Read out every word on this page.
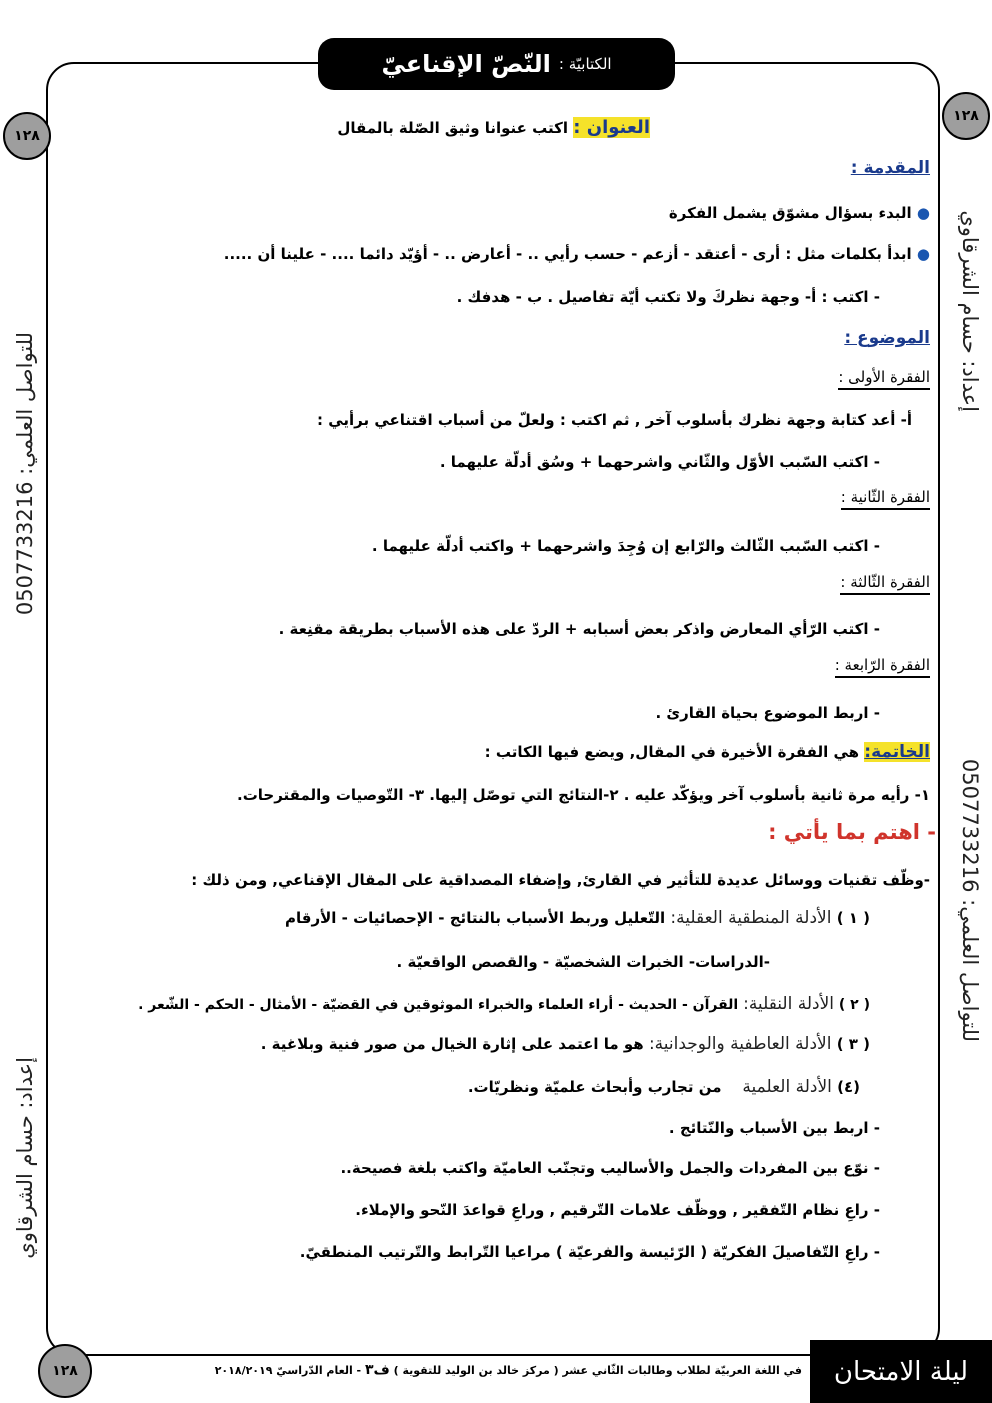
الكتابيّة :
النّصّ الإقناعيّ
١٢٨
١٢٨
١٢٨
إعداد: حسام الشرقاوي
للتواصل العلمي: 0507733216
للتواصل العلمي: 0507733216
إعداد: حسام الشرقاوي
العنوان : اكتب عنوانا وثيق الصّلة بالمقال
المقدمة :
● البدء بسؤال مشوّق يشمل الفكرة
● ابدأ بكلمات مثل : أرى - أعتقد - أزعم - حسب رأيي .. - أعارض .. - أؤيّد دائما .... - علينا أن .....
- اكتب : أ- وجهة نظركَ ولا تكتب أيّة تفاصيل . ب - هدفك .
الموضوع :
الفقرة الأولى :
أ- أعد كتابة وجهة نظرك بأسلوب آخر , ثم اكتب : ولعلّ من أسباب اقتناعي برأيي :
- اكتب السّبب الأوّل والثّاني واشرحهما + وسُق أدلّة عليهما .
الفقرة الثّانية :
- اكتب السّبب الثّالث والرّابع إن وُجِدَ واشرحهما + واكتب أدلّة عليهما .
الفقرة الثّالثة :
- اكتب الرّأي المعارض واذكر بعض أسبابه + الردّ على هذه الأسباب بطريقة مقنِعة .
الفقرة الرّابعة :
- اربط الموضوع بحياة القارئ .
الخاتمة: هي الفقرة الأخيرة في المقال, ويضع فيها الكاتب :
١- رأيه مرة ثانية بأسلوب آخر ويؤكّد عليه . ٢-النتائج التي توصّل إليها. ٣- التّوصيات والمقترحات.
- اهتم بما يأتي :
-وظّف تقنيات ووسائل عديدة للتأثير في القارئ, وإضفاء المصداقية على المقال الإقناعي, ومن ذلك :
( ١ ) الأدلة المنطقية العقلية: التّعليل وربط الأسباب بالنتائج - الإحصائيات - الأرقام
-الدراسات- الخبرات الشخصيّة - والقصص الواقعيّة .
( ٢ ) الأدلة النقلية: القرآن - الحديث - أراء العلماء والخبراء الموثوقين في القضيّة - الأمثال - الحكم - الشّعر .
( ٣ ) الأدلة العاطفية والوجدانية: هو ما اعتمد على إثارة الخيال من صور فنية وبلاغية .
(٤) الأدلة العلمية    من تجارب وأبحاث علميّة ونظريّات.
- اربط بين الأسباب والنّتائج .
- نوّع بين المفردات والجمل والأساليب وتجنّب العاميّة واكتب بلغة فصيحة..
- راعِ نظام التّفقير , ووظّف علامات التّرقيم , وراعِ قواعدَ النّحو والإملاء.
- راعِ التّفاصيلَ الفكريّة ( الرّئيسة والفرعيّة ) مراعيا التّرابط والتّرتيب المنطقيّ.
في اللغة العربيّة لطلاب وطالبات الثّاني عشر ( مركز خالد بن الوليد للتقوية ) ف٣ - العام الدّراسيّ ٢٠١٨/٢٠١٩	ليلة الامتحان
